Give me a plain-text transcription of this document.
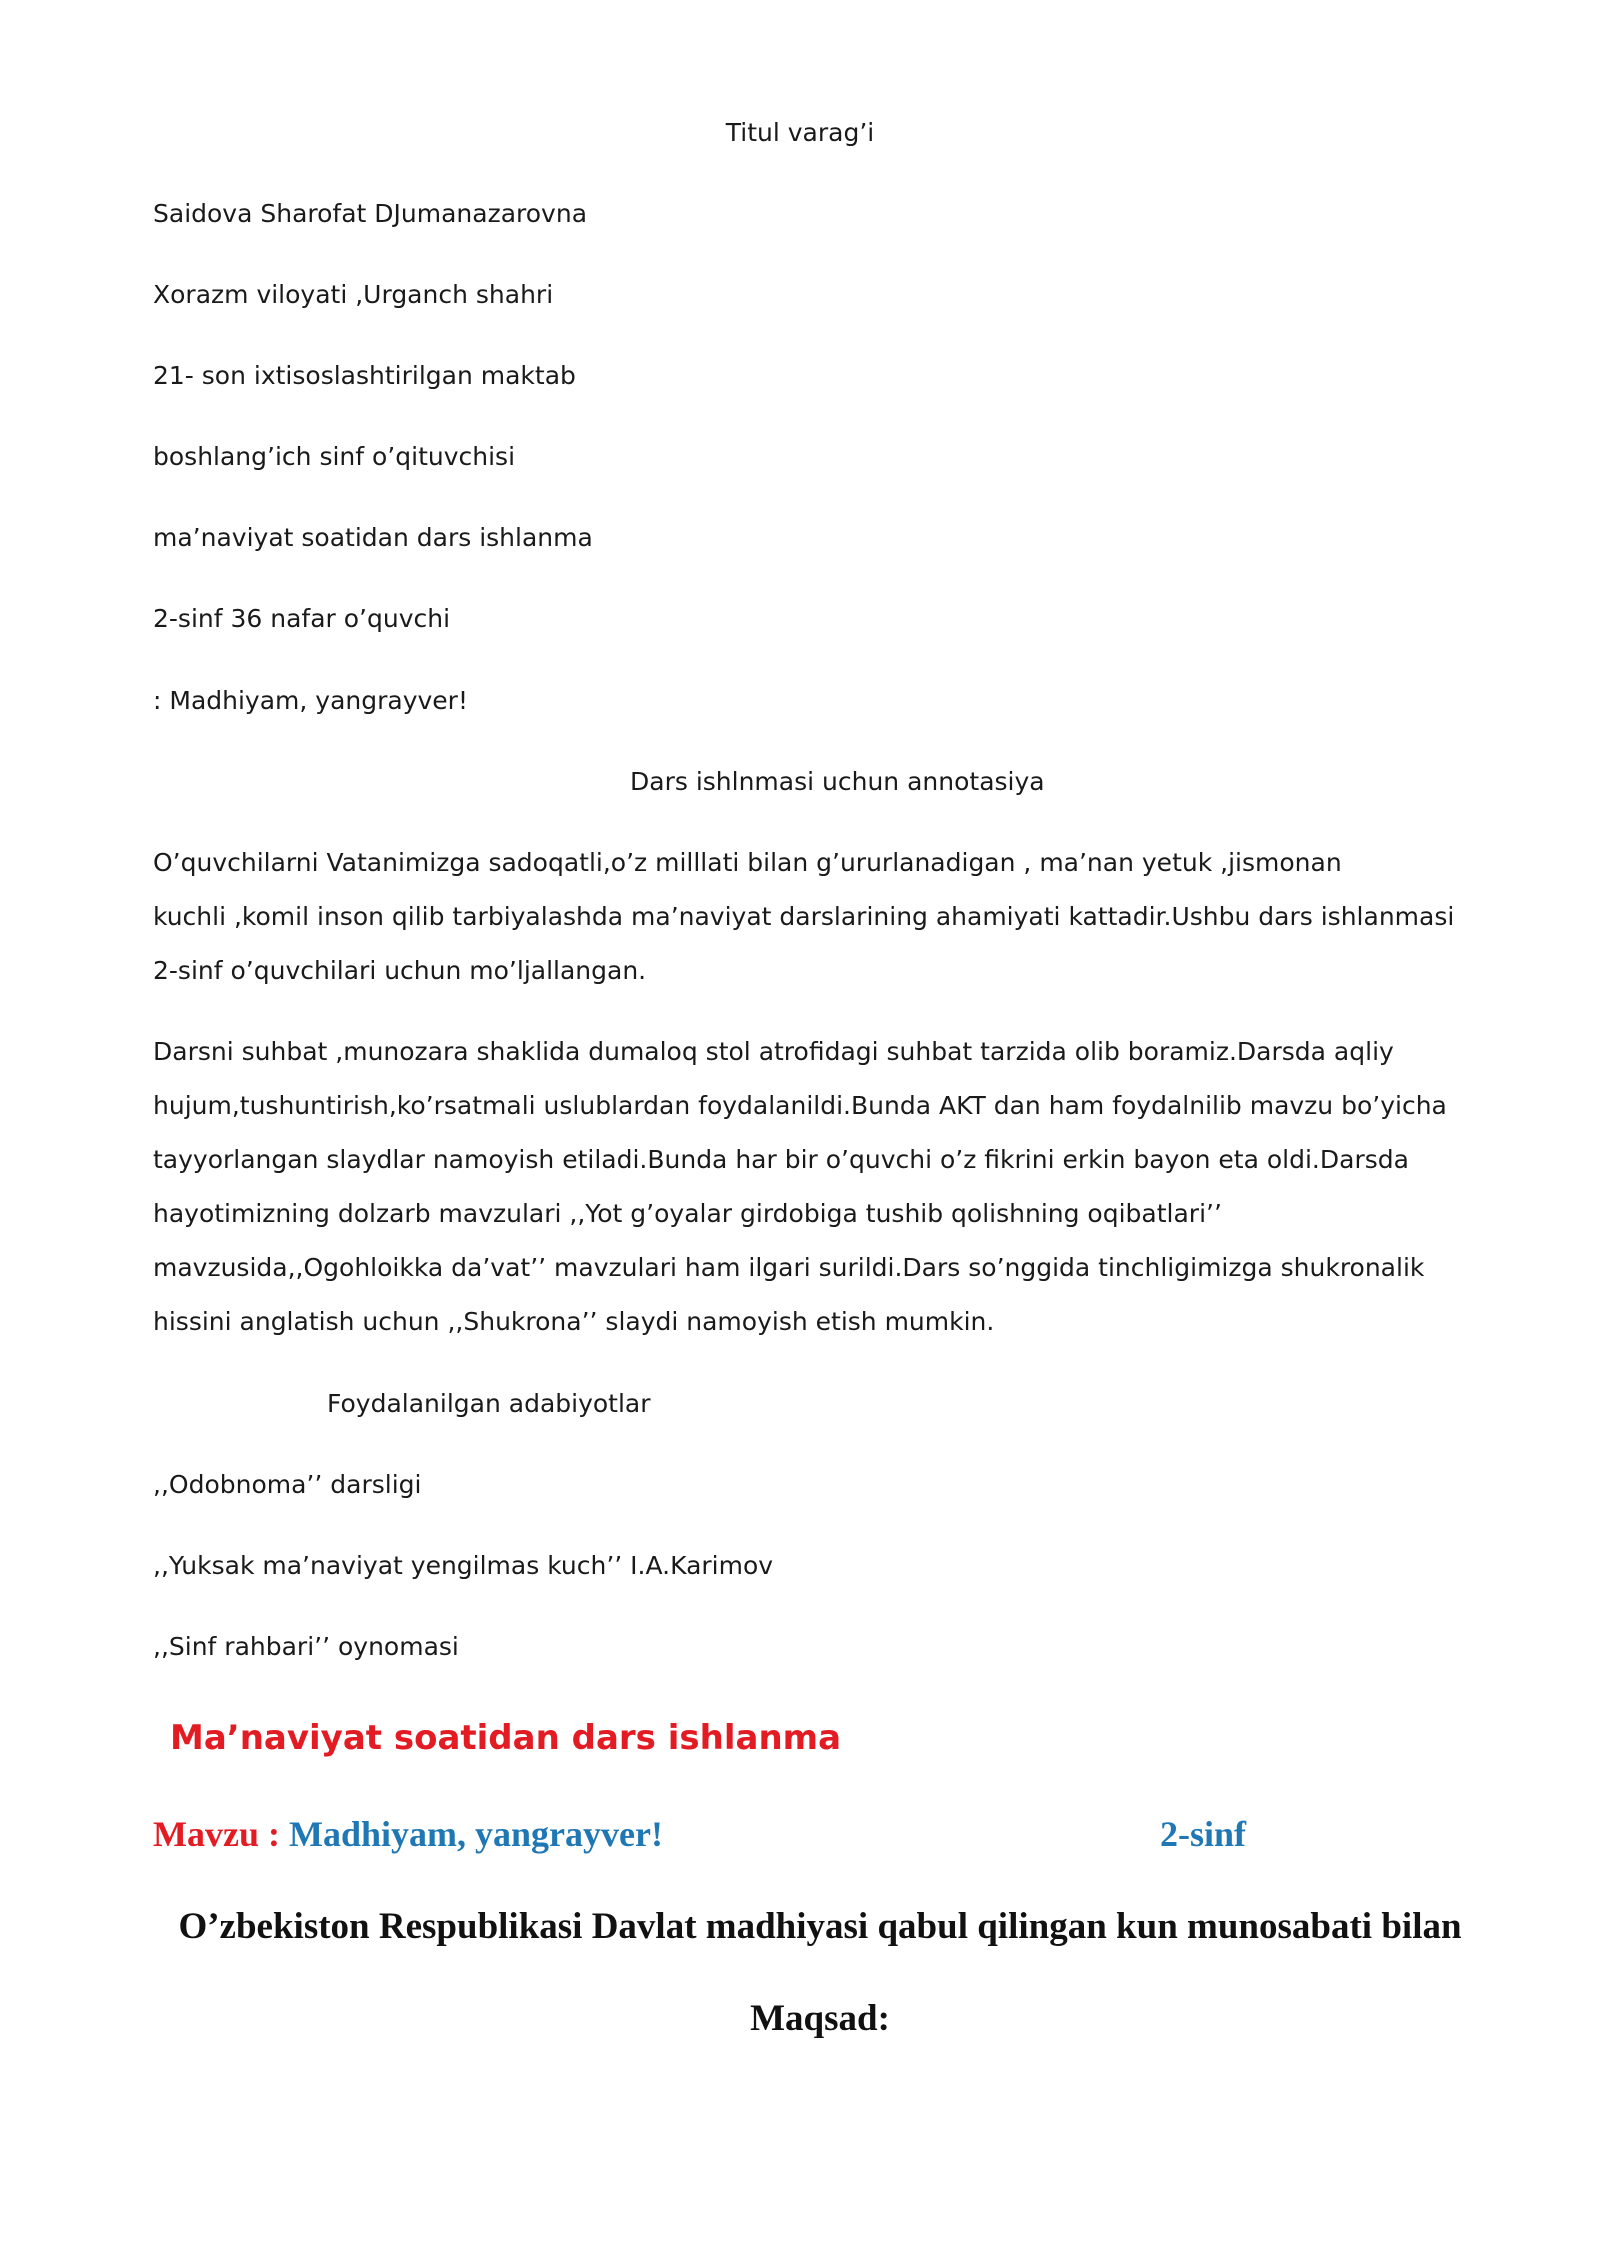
Titul varag’i
Saidova Sharofat DJumanazarovna
Xorazm viloyati ,Urganch shahri
21- son ixtisoslashtirilgan maktab
boshlang’ich sinf o’qituvchisi
ma’naviyat soatidan dars ishlanma
2-sinf 36 nafar o’quvchi
: Madhiyam, yangrayver!
Dars ishlnmasi uchun annotasiya
O’quvchilarni Vatanimizga sadoqatli,o’z milllati bilan g’ururlanadigan , ma’nan yetuk ,jismonan
kuchli ,komil inson qilib tarbiyalashda ma’naviyat darslarining ahamiyati kattadir.Ushbu dars ishlanmasi
2-sinf o’quvchilari uchun mo’ljallangan.
Darsni suhbat ,munozara shaklida dumaloq stol atrofidagi suhbat tarzida olib boramiz.Darsda aqliy
hujum,tushuntirish,ko’rsatmali uslublardan foydalanildi.Bunda AKT dan ham foydalnilib mavzu bo’yicha
tayyorlangan slaydlar namoyish etiladi.Bunda har bir o’quvchi o’z fikrini erkin bayon eta oldi.Darsda
hayotimizning dolzarb mavzulari ,,Yot g’oyalar girdobiga tushib qolishning oqibatlari’’
mavzusida,,Ogohloikka da’vat’’ mavzulari ham ilgari surildi.Dars so’nggida tinchligimizga shukronalik
hissini anglatish uchun ,,Shukrona’’ slaydi namoyish etish mumkin.
Foydalanilgan adabiyotlar
,,Odobnoma’’ darsligi
,,Yuksak ma’naviyat yengilmas kuch’’ I.A.Karimov
,,Sinf rahbari’’ oynomasi
Ma’naviyat soatidan dars ishlanma
Mavzu : Madhiyam, yangrayver!	2-sinf
O’zbekiston Respublikasi Davlat madhiyasi qabul qilingan kun munosabati bilan
Maqsad:
